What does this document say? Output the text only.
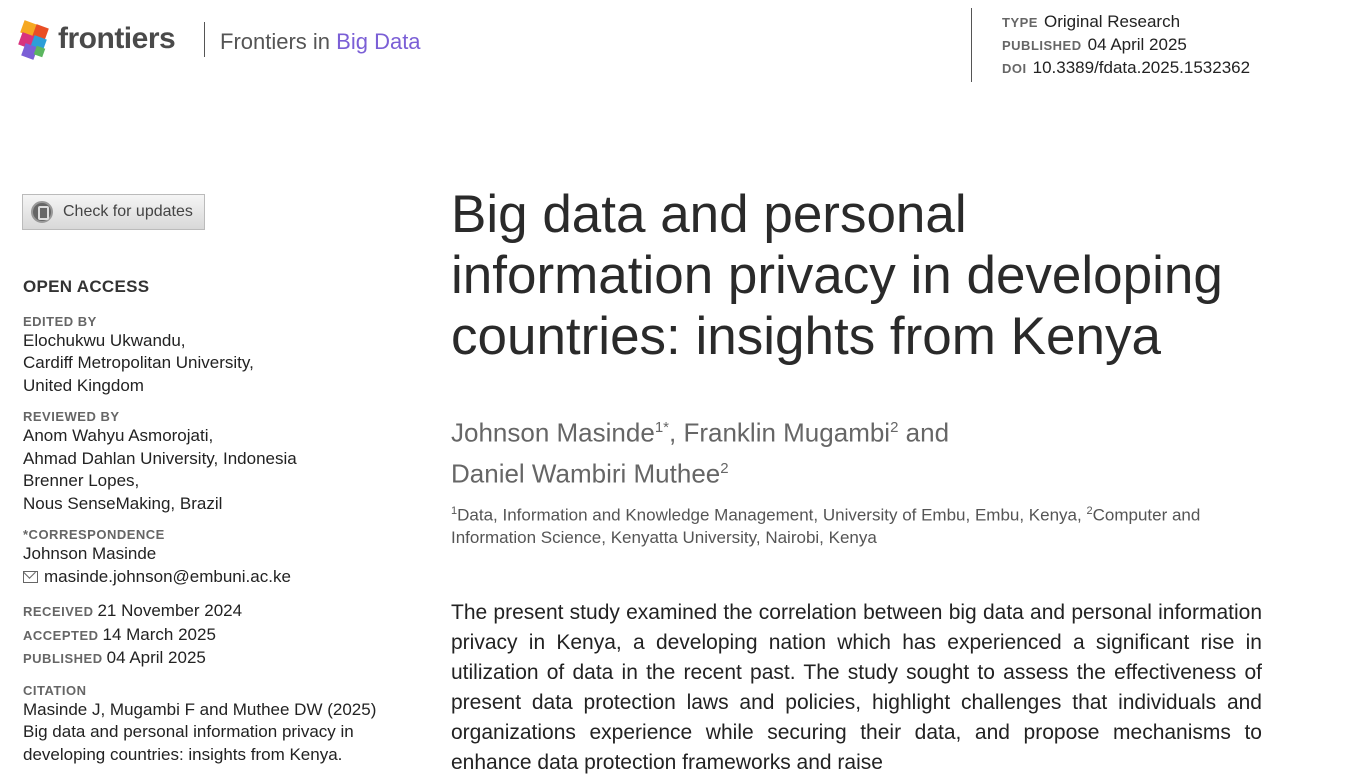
frontiers Frontiers in Big Data
TYPE Original Research
PUBLISHED 04 April 2025
DOI 10.3389/fdata.2025.1532362
Check for updates
OPEN ACCESS
EDITED BY
Elochukwu Ukwandu,
Cardiff Metropolitan University,
United Kingdom
REVIEWED BY
Anom Wahyu Asmorojati,
Ahmad Dahlan University, Indonesia
Brenner Lopes,
Nous SenseMaking, Brazil
*CORRESPONDENCE
Johnson Masinde
masinde.johnson@embuni.ac.ke
RECEIVED 21 November 2024
ACCEPTED 14 March 2025
PUBLISHED 04 April 2025
CITATION
Masinde J, Mugambi F and Muthee DW (2025)
Big data and personal information privacy in
developing countries: insights from Kenya.
Big data and personal
information privacy in developing
countries: insights from Kenya
Johnson Masinde$^{1*}$, Franklin Mugambi$^2$ and
Daniel Wambiri Muthee$^2$
$^1$Data, Information and Knowledge Management, University of Embu, Embu, Kenya, $^2$Computer and Information Science, Kenyatta University, Nairobi, Kenya
The present study examined the correlation between big data and personal information privacy in Kenya, a developing nation which has experienced a significant rise in utilization of data in the recent past. The study sought to assess the effectiveness of present data protection laws and policies, highlight challenges that individuals and organizations experience while securing their data, and propose mechanisms to enhance data protection frameworks and raise
